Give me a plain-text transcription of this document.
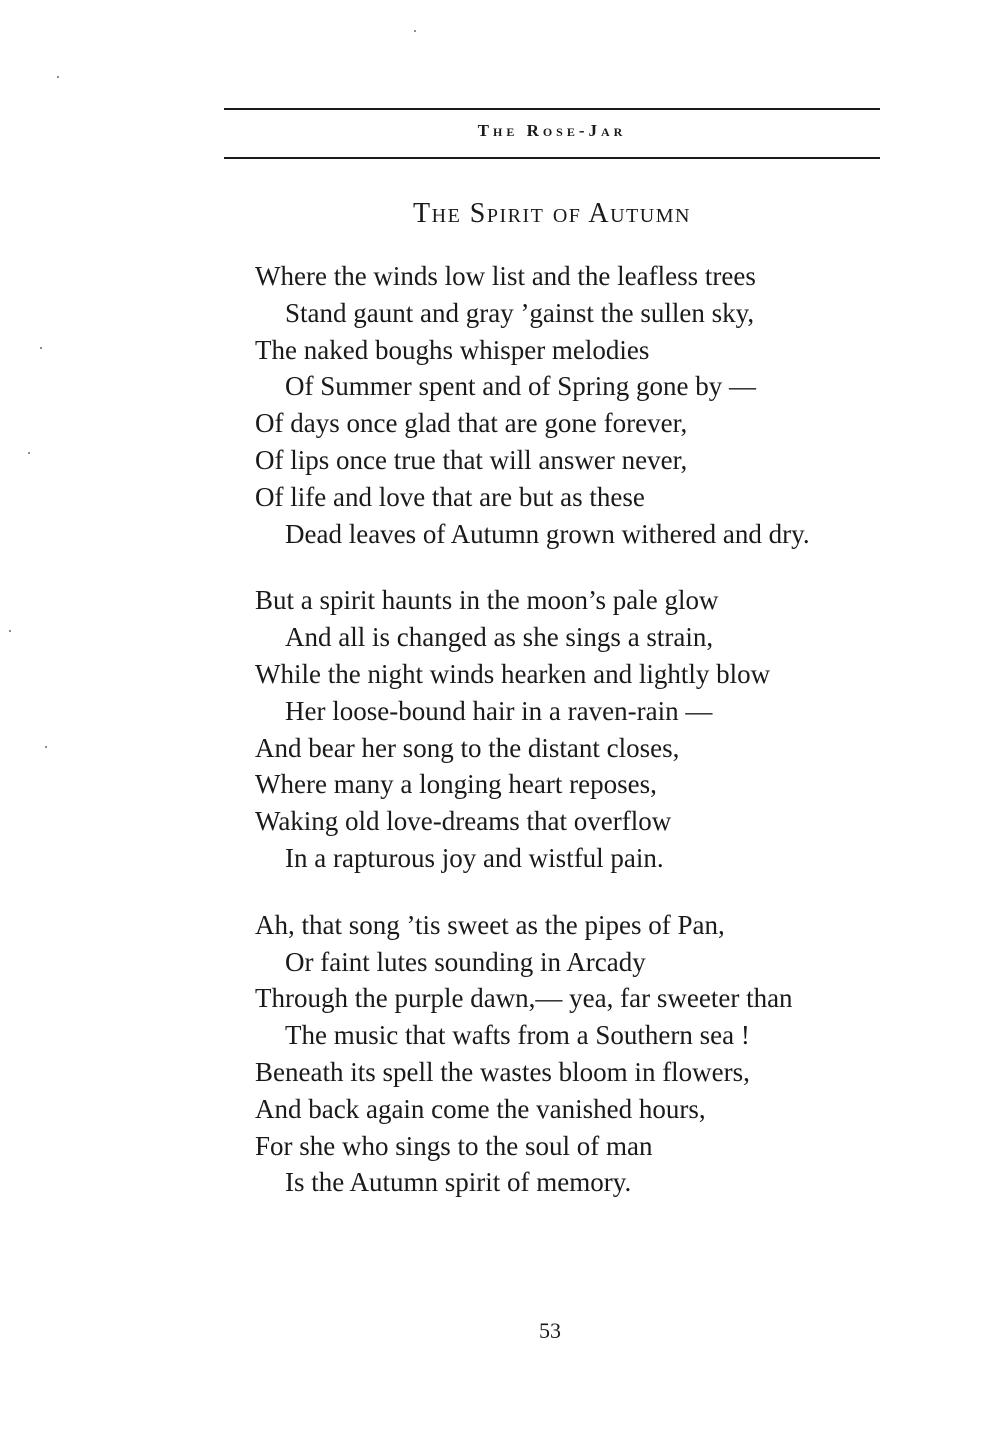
The Rose-Jar
The Spirit of Autumn
Where the winds low list and the leafless trees
Stand gaunt and gray ’gainst the sullen sky,
The naked boughs whisper melodies
Of Summer spent and of Spring gone by —
Of days once glad that are gone forever,
Of lips once true that will answer never,
Of life and love that are but as these
Dead leaves of Autumn grown withered and dry.
But a spirit haunts in the moon’s pale glow
And all is changed as she sings a strain,
While the night winds hearken and lightly blow
Her loose-bound hair in a raven-rain —
And bear her song to the distant closes,
Where many a longing heart reposes,
Waking old love-dreams that overflow
In a rapturous joy and wistful pain.
Ah, that song ’tis sweet as the pipes of Pan,
Or faint lutes sounding in Arcady
Through the purple dawn,— yea, far sweeter than
The music that wafts from a Southern sea !
Beneath its spell the wastes bloom in flowers,
And back again come the vanished hours,
For she who sings to the soul of man
Is the Autumn spirit of memory.
53
